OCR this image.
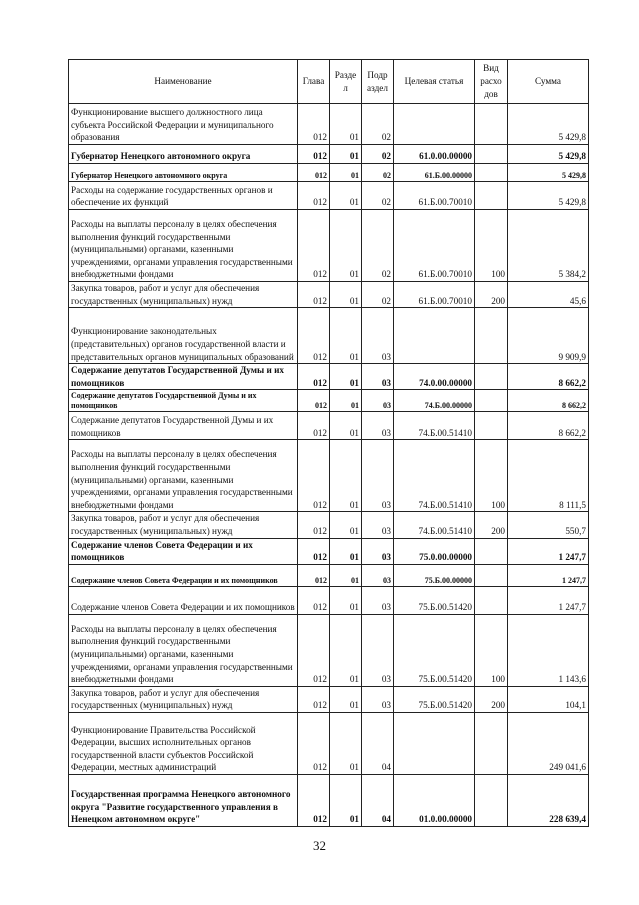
Наименование	Глава	Разде л	Подр аздел	Целевая статья	Вид расхо дов	Сумма
Функционирование высшего должностного лица субъекта Российской Федерации и муниципального образования	012	01	02			5 429,8
Губернатор Ненецкого автономного округа	012	01	02	61.0.00.00000		5 429,8
Губернатор Ненецкого автономного округа	012	01	02	61.Б.00.00000		5 429,8
Расходы на содержание государственных органов и обеспечение их функций	012	01	02	61.Б.00.70010		5 429,8
Расходы на выплаты персоналу в целях обеспечения выполнения функций государственными (муниципальными) органами, казенными учреждениями, органами управления государственными внебюджетными фондами	012	01	02	61.Б.00.70010	100	5 384,2
Закупка товаров, работ и услуг для обеспечения государственных (муниципальных) нужд	012	01	02	61.Б.00.70010	200	45,6
Функционирование законодательных (представительных) органов государственной власти и представительных органов муниципальных образований	012	01	03			9 909,9
Содержание депутатов Государственной Думы и их помощников	012	01	03	74.0.00.00000		8 662,2
Содержание депутатов Государственной Думы и их помощников	012	01	03	74.Б.00.00000		8 662,2
Содержание депутатов Государственной Думы и их помощников	012	01	03	74.Б.00.51410		8 662,2
Расходы на выплаты персоналу в целях обеспечения выполнения функций государственными (муниципальными) органами, казенными учреждениями, органами управления государственными внебюджетными фондами	012	01	03	74.Б.00.51410	100	8 111,5
Закупка товаров, работ и услуг для обеспечения государственных (муниципальных) нужд	012	01	03	74.Б.00.51410	200	550,7
Содержание членов Совета Федерации и их помощников	012	01	03	75.0.00.00000		1 247,7
Содержание членов Совета Федерации и их помощников	012	01	03	75.Б.00.00000		1 247,7
Содержание членов Совета Федерации и их помощников	012	01	03	75.Б.00.51420		1 247,7
Расходы на выплаты персоналу в целях обеспечения выполнения функций государственными (муниципальными) органами, казенными учреждениями, органами управления государственными внебюджетными фондами	012	01	03	75.Б.00.51420	100	1 143,6
Закупка товаров, работ и услуг для обеспечения государственных (муниципальных) нужд	012	01	03	75.Б.00.51420	200	104,1
Функционирование Правительства Российской Федерации, высших исполнительных органов государственной власти субъектов Российской Федерации, местных администраций	012	01	04			249 041,6
Государственная программа Ненецкого автономного округа "Развитие государственного управления в Ненецком автономном округе"	012	01	04	01.0.00.00000		228 639,4
32
